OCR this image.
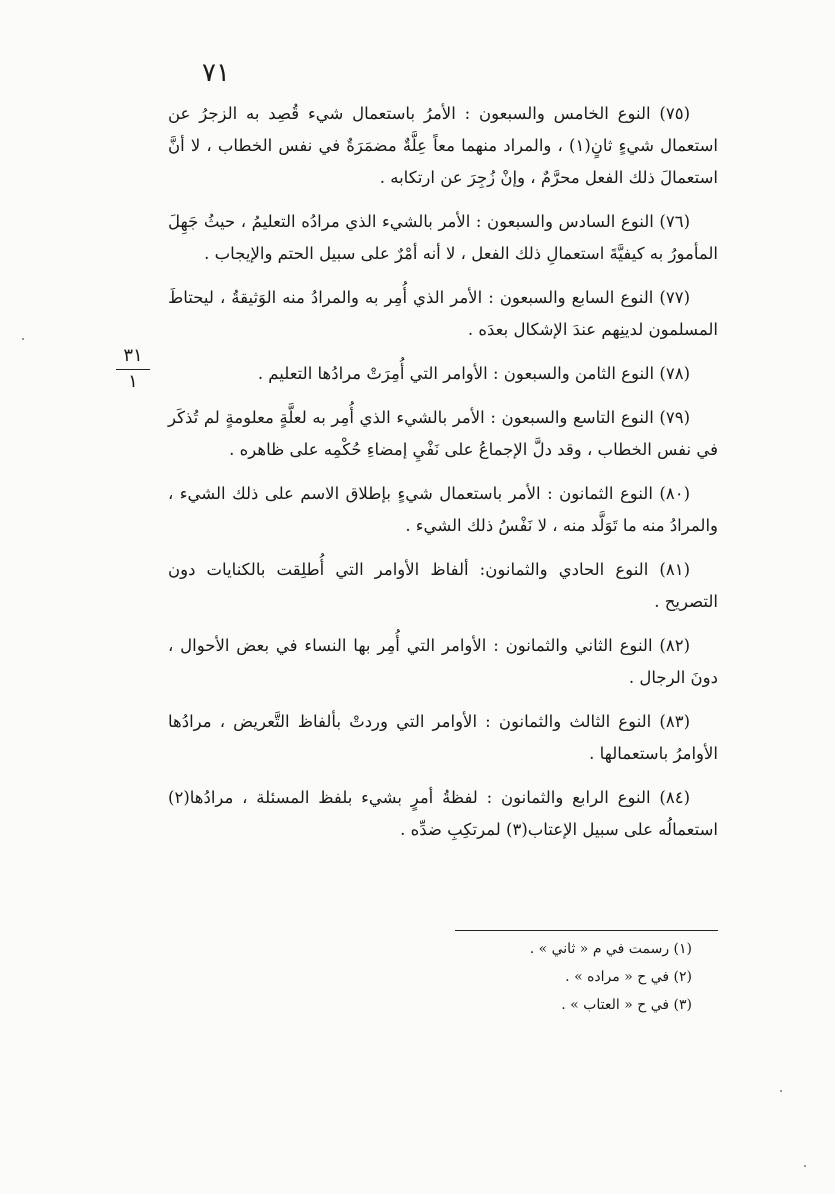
٧١
٣١
١

(٧٥) النوع الخامس والسبعون : الأمرُ باستعمال شيء قُصِد به الزجرُ عن استعمال شيءٍ ثانٍ(١) ، والمراد منهما معاً عِلَّةٌ مضمَرَةٌ في نفس الخطاب ، لا أنَّ استعمالَ ذلك الفعل محرَّمٌ ، وإنْ زُجِرَ عن ارتكابه .

(٧٦) النوع السادس والسبعون : الأمر بالشيء الذي مرادُه التعليمُ ، حيثُ جَهِلَ المأمورُ به كيفيَّةَ استعمالِ ذلك الفعل ، لا أنه أمْرٌ على سبيل الحتم والإيجاب .

(٧٧) النوع السابع والسبعون : الأمر الذي أُمِر به والمرادُ منه الوَثيقةُ ، ليحتاطَ المسلمون لدينِهم عندَ الإشكال بعدَه .

(٧٨) النوع الثامن والسبعون : الأوامر التي أُمِرَتْ مرادُها التعليم .

(٧٩) النوع التاسع والسبعون : الأمر بالشيء الذي أُمِر به لعلَّةٍ معلومةٍ لم تُذكَر في نفس الخطاب ، وقد دلَّ الإجماعُ على نَفْيِ إمضاءِ حُكْمِه على ظاهره .

(٨٠) النوع الثمانون : الأمر باستعمال شيءٍ بإطلاق الاسم على ذلك الشيء ، والمرادُ منه ما تَوَلَّد منه ، لا نَفْسُ ذلك الشيء .

(٨١) النوع الحادي والثمانون: ألفاظ الأوامر التي أُطلِقت بالكنايات دون التصريح .

(٨٢) النوع الثاني والثمانون : الأوامر التي أُمِر بها النساء في بعض الأحوال ، دونَ الرجال .

(٨٣) النوع الثالث والثمانون : الأوامر التي وردتْ بألفاظ التَّعريض ، مرادُها الأوامرُ باستعمالها .

(٨٤) النوع الرابع والثمانون : لفظةُ أمرٍ بشيء بلفظ المسئلة ، مرادُها(٢) استعمالُه على سبيل الإعتاب(٣) لمرتكِبِ ضدِّه .

(١) رسمت في م « ثاني » .

(٢) في ح « مراده » .

(٣) في ح « العتاب » .
